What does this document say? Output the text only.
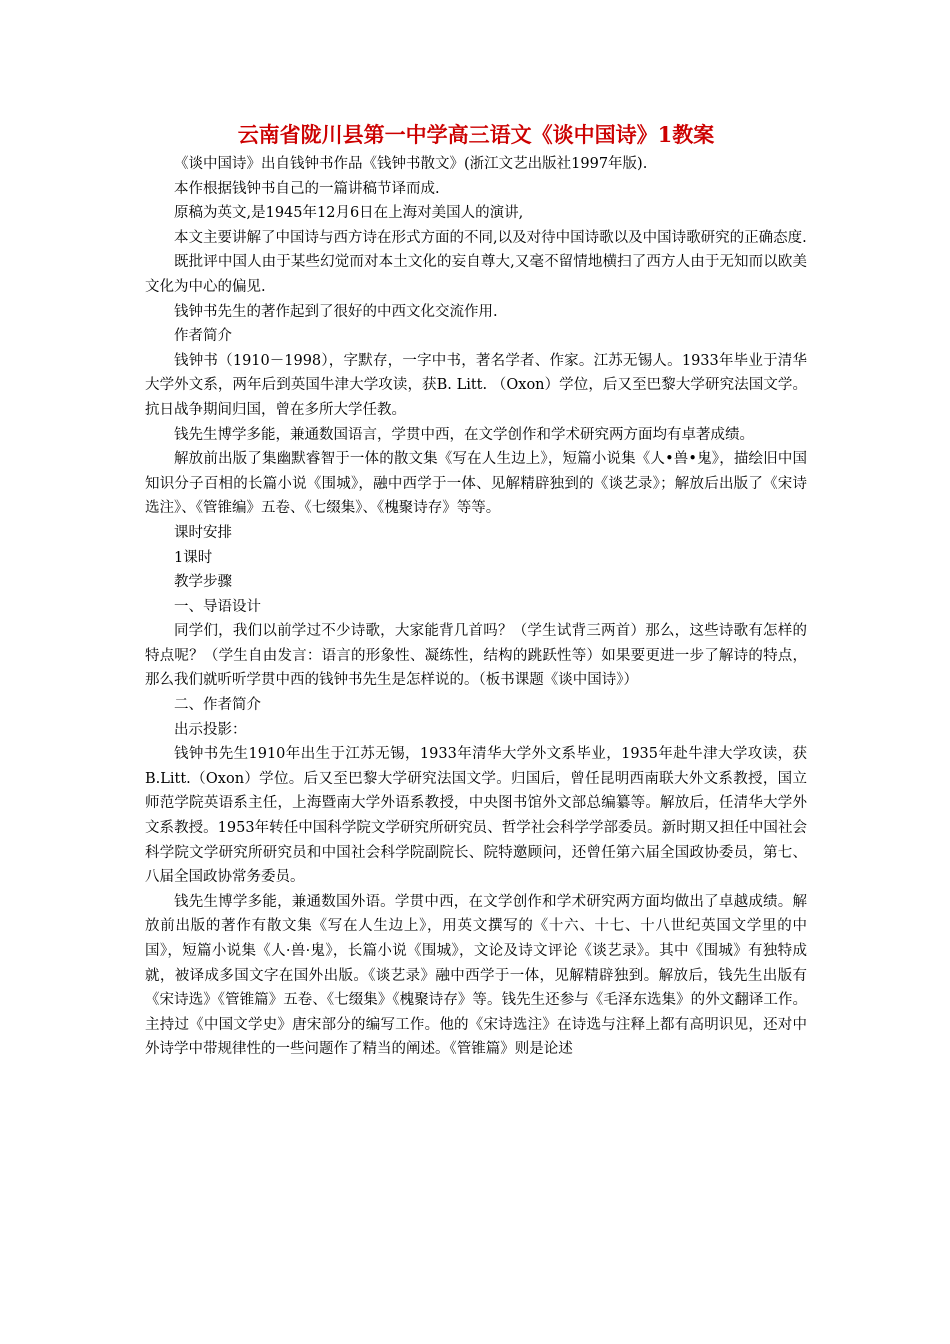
云南省陇川县第一中学高三语文《谈中国诗》1教案

《谈中国诗》出自钱钟书作品《钱钟书散文》(浙江文艺出版社1997年版).

本作根据钱钟书自己的一篇讲稿节译而成.

原稿为英文,是1945年12月6日在上海对美国人的演讲,

本文主要讲解了中国诗与西方诗在形式方面的不同,以及对待中国诗歌以及中国诗歌研究的正确态度.

既批评中国人由于某些幻觉而对本土文化的妄自尊大,又毫不留情地横扫了西方人由于无知而以欧美文化为中心的偏见.

钱钟书先生的著作起到了很好的中西文化交流作用.

作者简介

钱钟书（1910－1998），字默存，一字中书，著名学者、作家。江苏无锡人。1933年毕业于清华大学外文系，两年后到英国牛津大学攻读，获B. Litt. （Oxon）学位，后又至巴黎大学研究法国文学。抗日战争期间归国，曾在多所大学任教。

钱先生博学多能，兼通数国语言，学贯中西，在文学创作和学术研究两方面均有卓著成绩。

解放前出版了集幽默睿智于一体的散文集《写在人生边上》，短篇小说集《人•兽•鬼》，描绘旧中国知识分子百相的长篇小说《围城》，融中西学于一体、见解精辟独到的《谈艺录》；解放后出版了《宋诗选注》、《管锥编》五卷、《七缀集》、《槐聚诗存》等等。

课时安排

1课时

教学步骤

一、导语设计

同学们，我们以前学过不少诗歌，大家能背几首吗？（学生试背三两首）那么，这些诗歌有怎样的特点呢？（学生自由发言：语言的形象性、凝练性，结构的跳跃性等）如果要更进一步了解诗的特点，那么我们就听听学贯中西的钱钟书先生是怎样说的。（板书课题《谈中国诗》）

二、作者简介

出示投影：

钱钟书先生1910年出生于江苏无锡，1933年清华大学外文系毕业，1935年赴牛津大学攻读，获B.Litt.（Oxon）学位。后又至巴黎大学研究法国文学。归国后，曾任昆明西南联大外文系教授，国立师范学院英语系主任，上海暨南大学外语系教授，中央图书馆外文部总编纂等。解放后，任清华大学外文系教授。1953年转任中国科学院文学研究所研究员、哲学社会科学学部委员。新时期又担任中国社会科学院文学研究所研究员和中国社会科学院副院长、院特邀顾问，还曾任第六届全国政协委员，第七、八届全国政协常务委员。

钱先生博学多能，兼通数国外语。学贯中西，在文学创作和学术研究两方面均做出了卓越成绩。解放前出版的著作有散文集《写在人生边上》，用英文撰写的《十六、十七、十八世纪英国文学里的中国》，短篇小说集《人·兽·鬼》，长篇小说《围城》，文论及诗文评论《谈艺录》。其中《围城》有独特成就，被译成多国文字在国外出版。《谈艺录》融中西学于一体，见解精辟独到。解放后，钱先生出版有《宋诗选》《管锥篇》五卷、《七缀集》《槐聚诗存》等。钱先生还参与《毛泽东选集》的外文翻译工作。主持过《中国文学史》唐宋部分的编写工作。他的《宋诗选注》在诗选与注释上都有高明识见，还对中外诗学中带规律性的一些问题作了精当的阐述。《管锥篇》则是论述
